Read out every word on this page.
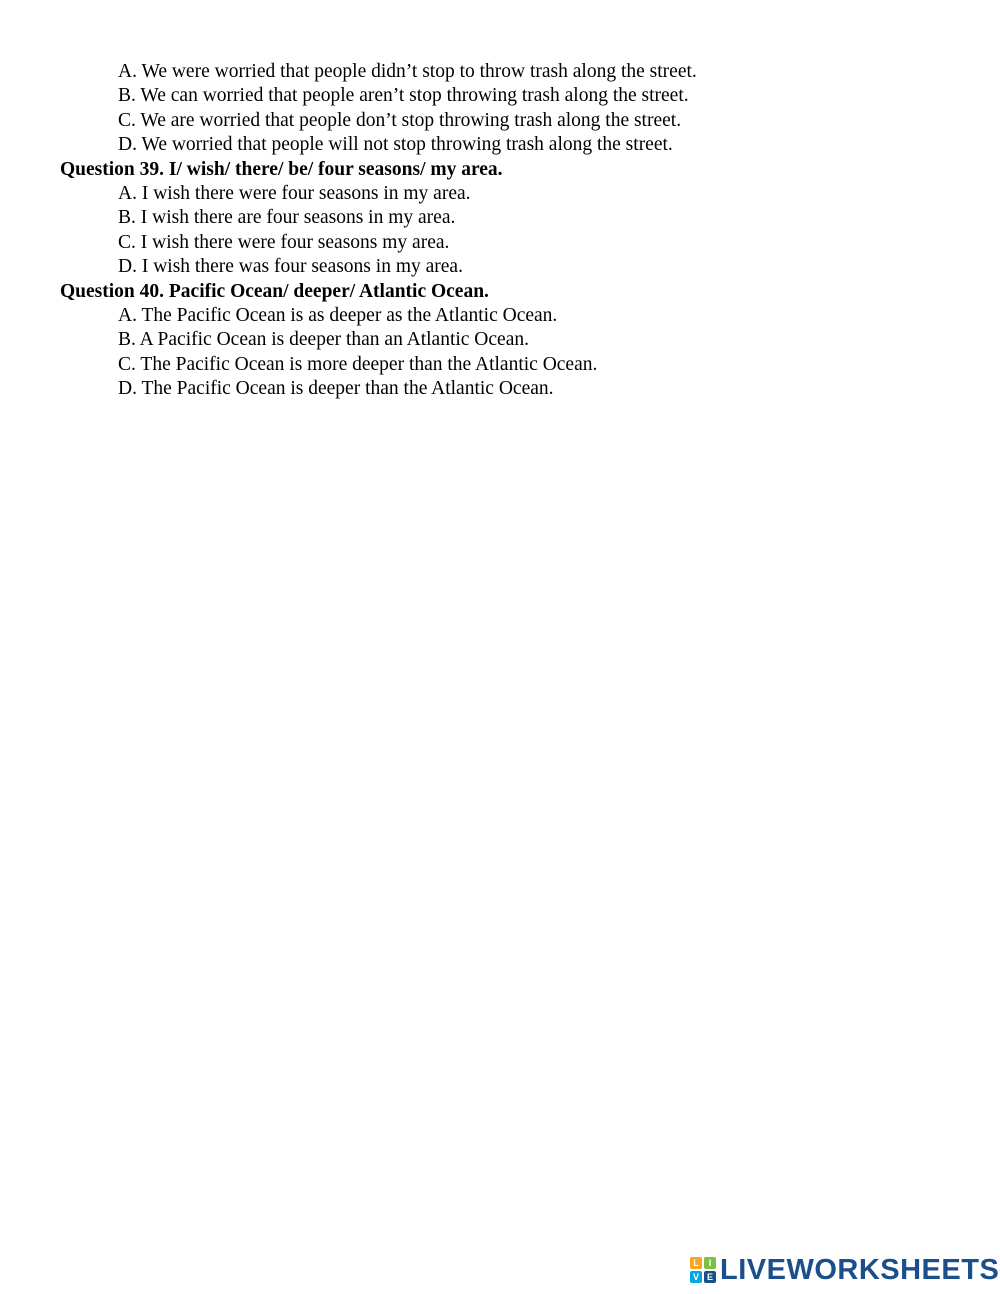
A. We were worried that people didn’t stop to throw trash along the street.
B. We can worried that people aren’t stop throwing trash along the street.
C. We are worried that people don’t stop throwing trash along the street.
D. We worried that people will not stop throwing trash along the street.
Question 39. I/ wish/ there/ be/ four seasons/ my area.
A. I wish there were four seasons in my area.
B. I wish there are four seasons in my area.
C. I wish there were four seasons my area.
D. I wish there was four seasons in my area.
Question 40. Pacific Ocean/ deeper/ Atlantic Ocean.
A. The Pacific Ocean is as deeper as the Atlantic Ocean.
B. A Pacific Ocean is deeper than an Atlantic Ocean.
C. The Pacific Ocean is more deeper than the Atlantic Ocean.
D. The Pacific Ocean is deeper than the Atlantic Ocean.
L	I
V E LIVEWORKSHEETS
